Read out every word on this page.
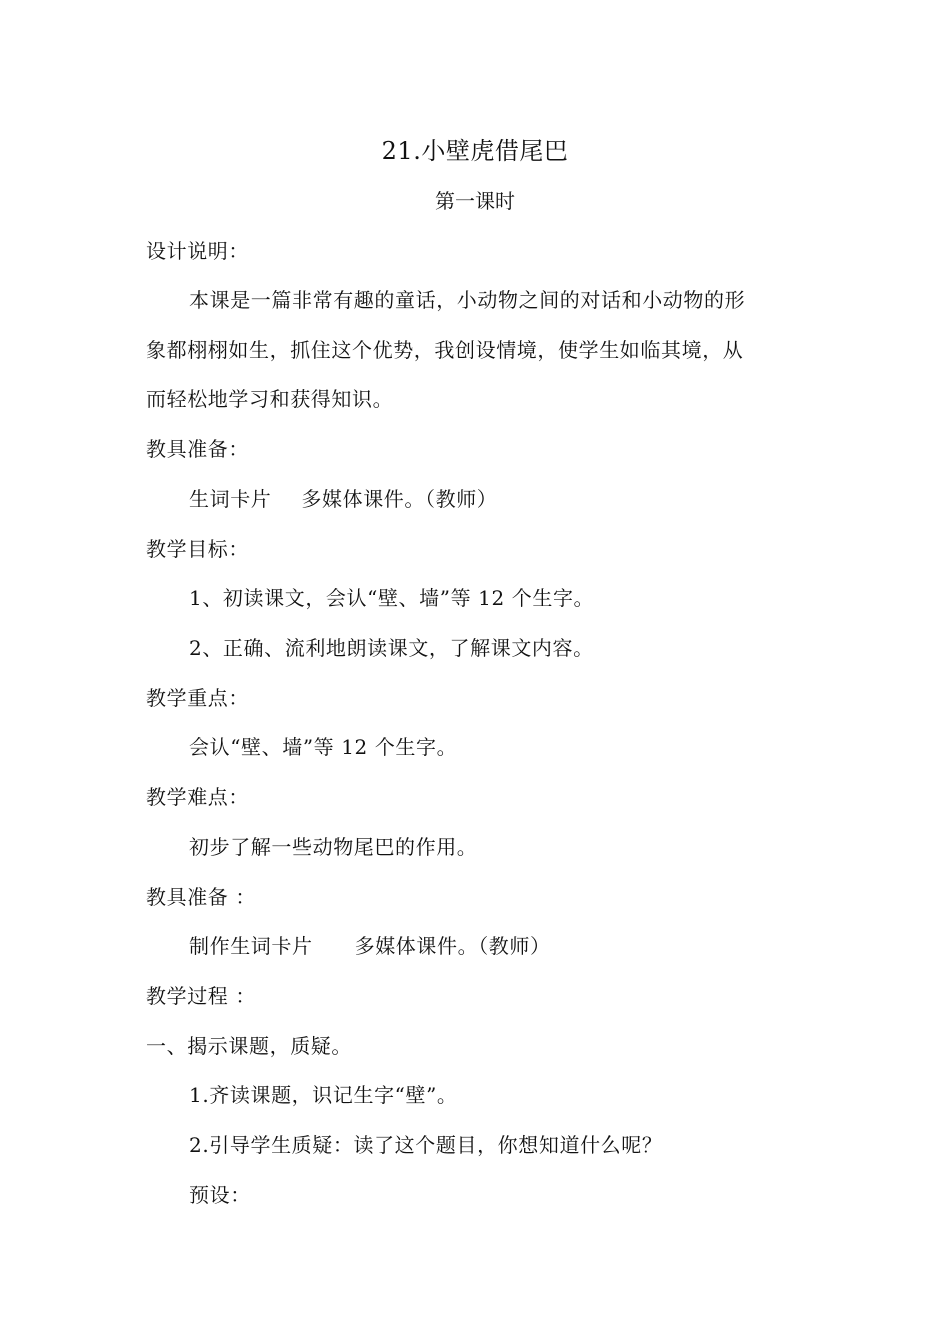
21.小壁虎借尾巴
第一课时
设计说明：
本课是一篇非常有趣的童话，小动物之间的对话和小动物的形
象都栩栩如生，抓住这个优势，我创设情境，使学生如临其境，从
而轻松地学习和获得知识。
教具准备：
生词卡片 多媒体课件。（教师）
教学目标：
1、初读课文，会认“壁、墙”等 12 个生字。
2、正确、流利地朗读课文，了解课文内容。
教学重点：
会认“壁、墙”等 12 个生字。
教学难点：
初步了解一些动物尾巴的作用。
教具准备 ：
制作生词卡片 多媒体课件。（教师）
教学过程 ：
一、揭示课题，质疑。
1.齐读课题，识记生字“壁”。
2.引导学生质疑：读了这个题目，你想知道什么呢？
预设：
